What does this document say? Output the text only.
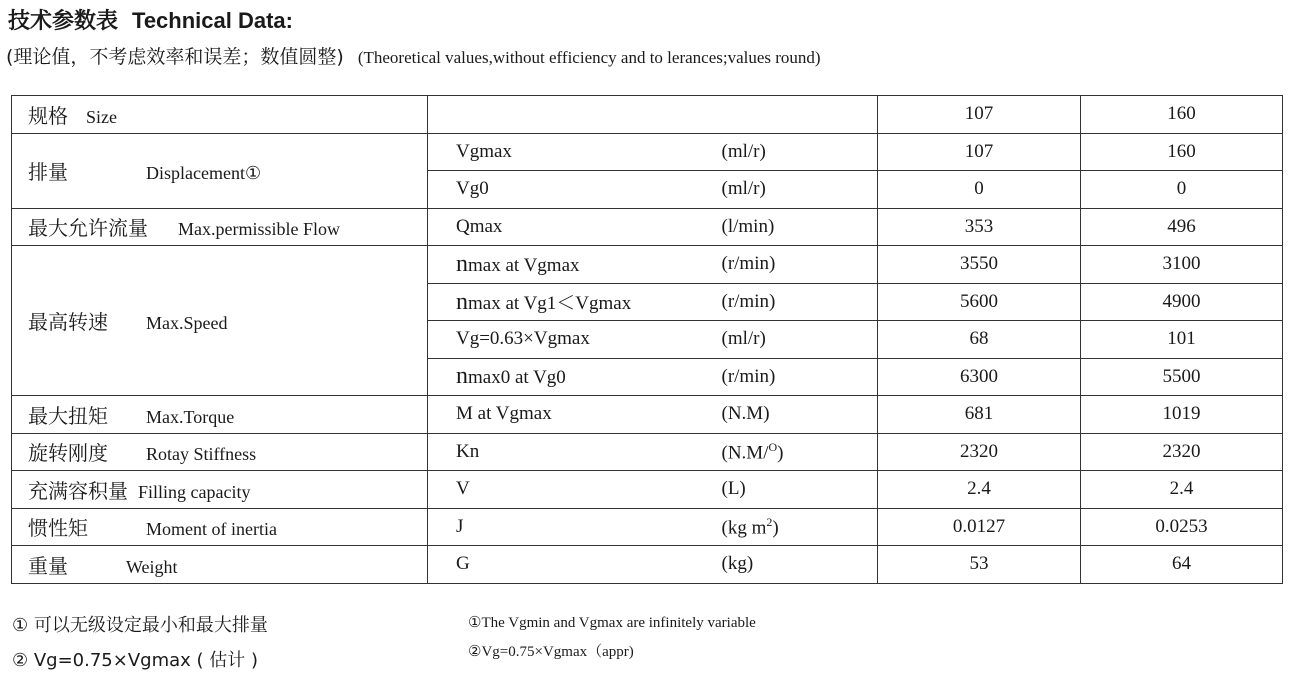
技术参数表 Technical Data:
(理论值，不考虑效率和误差；数值圆整) (Theoretical values,without efficiency and to lerances;values round)
规格 Size			107	160
排量 Displacement①	Vgmax	(ml/r)	107	160
	Vg0	(ml/r)	0	0
最大允许流量 Max.permissible Flow	Qmax	(l/min)	353	496
最高转速 Max.Speed	nmax at Vgmax	(r/min)	3550	3100
	nmax at Vg1＜Vgmax	(r/min)	5600	4900
	Vg=0.63×Vgmax	(ml/r)	68	101
	nmax0 at Vg0	(r/min)	6300	5500
最大扭矩 Max.Torque	M at Vgmax	(N.M)	681	1019
旋转刚度 Rotay Stiffness	Kn	(N.M/$^O$)	2320	2320
充满容积量 Filling capacity	V	(L)	2.4	2.4
惯性矩 Moment of inertia	J	(kg $m^2$)	0.0127	0.0253
重量 Weight	G	(kg)	53	64
① 可以无级设定最小和最大排量
② Vg=0.75×Vgmax ( 估计 )
①The Vgmin and Vgmax are infinitely variable
②Vg=0.75×Vgmax（appr)
